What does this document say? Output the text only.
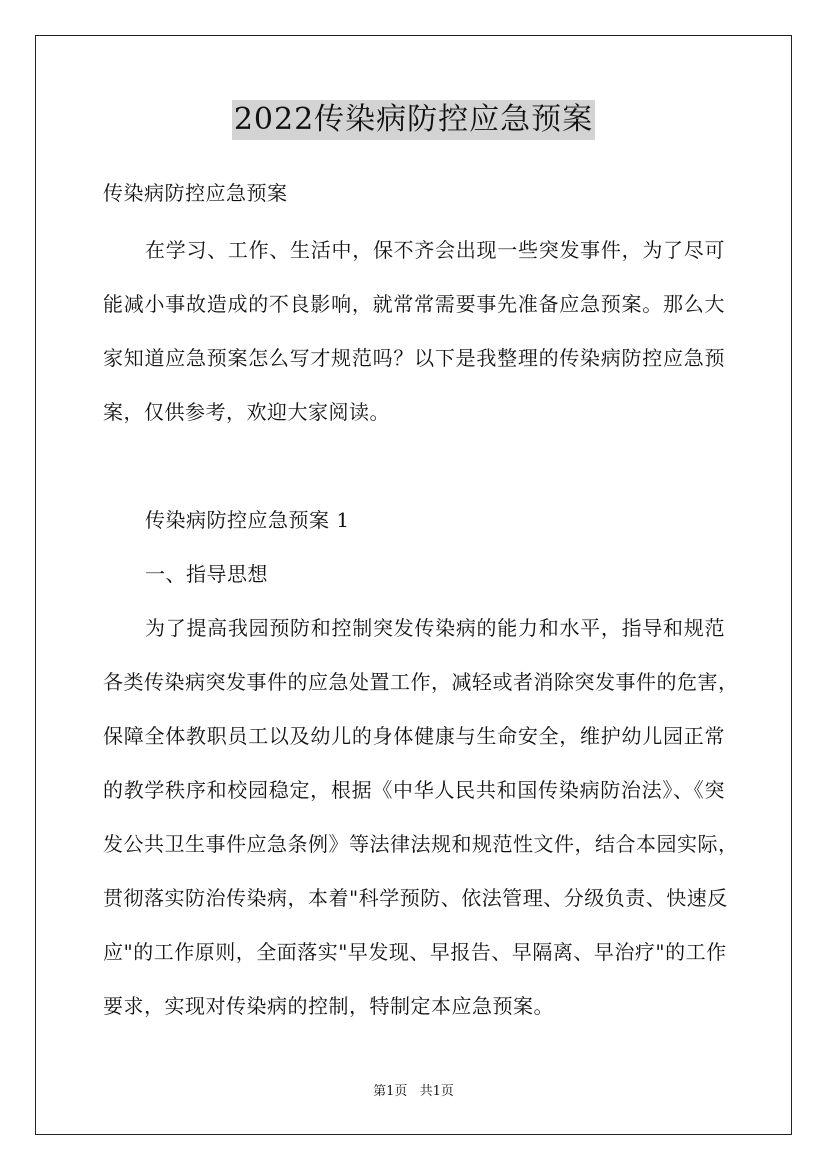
2022传染病防控应急预案
传染病防控应急预案
在学习、工作、生活中，保不齐会出现一些突发事件，为了尽可
能减小事故造成的不良影响，就常常需要事先准备应急预案。那么大
家知道应急预案怎么写才规范吗？以下是我整理的传染病防控应急预
案，仅供参考，欢迎大家阅读。
传染病防控应急预案 1
一、指导思想
为了提高我园预防和控制突发传染病的能力和水平，指导和规范
各类传染病突发事件的应急处置工作，减轻或者消除突发事件的危害，
保障全体教职员工以及幼儿的身体健康与生命安全，维护幼儿园正常
的教学秩序和校园稳定，根据《中华人民共和国传染病防治法》、《突
发公共卫生事件应急条例》等法律法规和规范性文件，结合本园实际，
贯彻落实防治传染病，本着"科学预防、依法管理、分级负责、快速反
应"的工作原则，全面落实"早发现、早报告、早隔离、早治疗"的工作
要求，实现对传染病的控制，特制定本应急预案。
第1页 共1页
